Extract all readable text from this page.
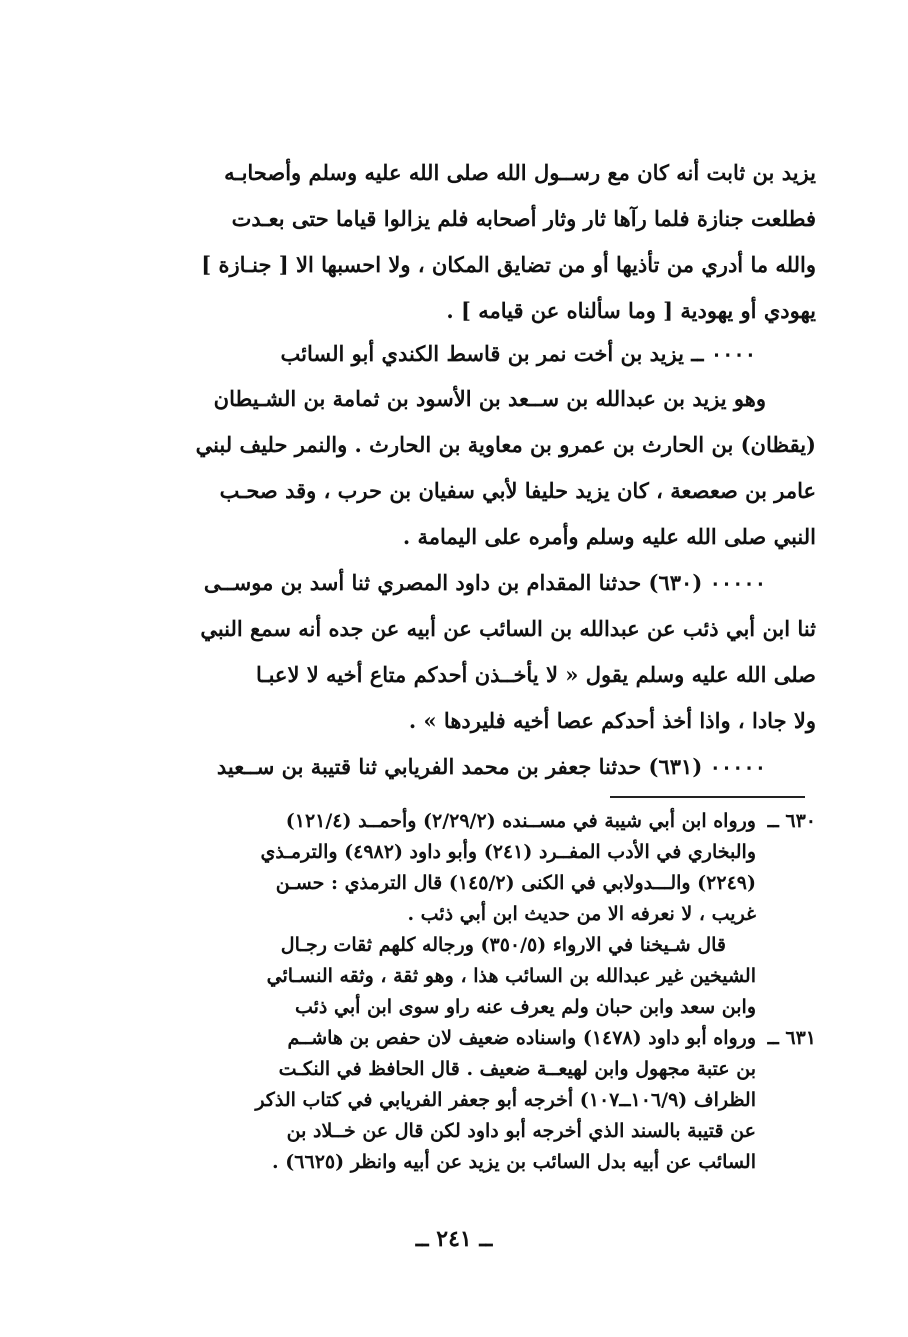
يزيد بن ثابت أنه كان مع رســول الله صلى الله عليه وسلم وأصحابـه
فطلعت جنازة فلما رآها ثار وثار أصحابه فلم يزالوا قياما حتى بعـدت
والله ما أدري من تأذيها أو من تضايق المكان ، ولا احسبها الا [ جنـازة ]
يهودي أو يهودية [ وما سألناه عن قيامه ] .
٠٠٠٠ ــ يزيد بن أخت نمر بن قاسط الكندي أبو السائب
وهو يزيد بن عبدالله بن ســعد بن الأسود بن ثمامة بن الشـيطان
(يقظان) بن الحارث بن عمرو بن معاوية بن الحارث . والنمر حليف لبني
عامر بن صعصعة ، كان يزيد حليفا لأبي سفيان بن حرب ، وقد صحـب
النبي صلى الله عليه وسلم وأمره على اليمامة .
٠٠٠٠٠ (٦٣٠) حدثنا المقدام بن داود المصري ثنا أسد بن موســى
ثنا ابن أبي ذئب عن عبدالله بن السائب عن أبيه عن جده أنه سمع النبي
صلى الله عليه وسلم يقول « لا يأخــذن أحدكم متاع أخيه لا لاعبـا
ولا جادا ، واذا أخذ أحدكم عصا أخيه فليردها » .
٠٠٠٠٠ (٦٣١) حدثنا جعفر بن محمد الفريابي ثنا قتيبة بن ســعيد
٦٣٠ ــ
ورواه ابن أبي شيبة في مســنده (٢/٢٩/٢) وأحمــد (١٢١/٤)
والبخاري في الأدب المفــرد (٢٤١) وأبو داود (٤٩٨٢) والترمـذي
(٢٢٤٩) والـــدولابي في الكنى (١٤٥/٢) قال الترمذي : حسـن
غريب ، لا نعرفه الا من حديث ابن أبي ذئب .
قال شـيخنا في الارواء (٣٥٠/٥) ورجاله كلهم ثقات رجـال
الشيخين غير عبدالله بن السائب هذا ، وهو ثقة ، وثقه النسـائي
وابن سعد وابن حبان ولم يعرف عنه راو سوى ابن أبي ذئب
٦٣١ ــ
ورواه أبو داود (١٤٧٨) واسناده ضعيف لان حفص بن هاشــم
بن عتبة مجهول وابن لهيعــة ضعيف . قال الحافظ في النكـت
الظراف (١٠٦/٩ــ١٠٧) أخرجه أبو جعفر الفريابي في كتاب الذكر
عن قتيبة بالسند الذي أخرجه أبو داود لكن قال عن خــلاد بن
السائب عن أبيه بدل السائب بن يزيد عن أبيه وانظر (٦٦٢٥) .
ــ ٢٤١ ــ
